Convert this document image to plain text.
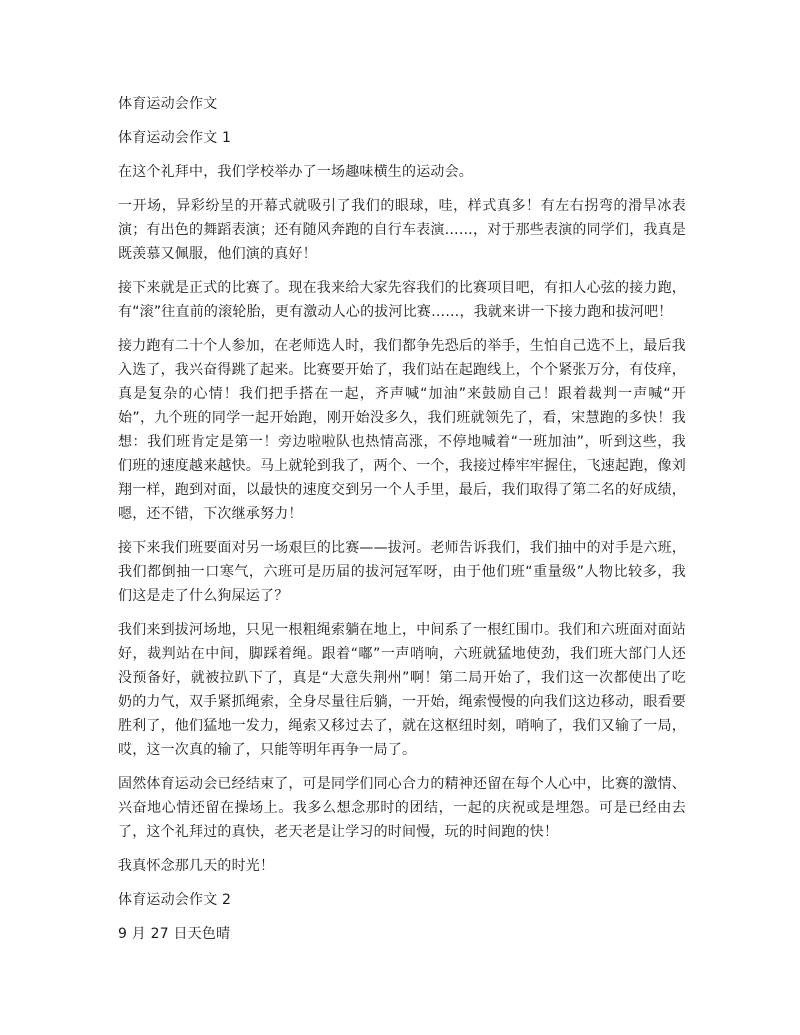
体育运动会作文

体育运动会作文 1

在这个礼拜中，我们学校举办了一场趣味横生的运动会。

一开场，异彩纷呈的开幕式就吸引了我们的眼球，哇，样式真多！有左右拐弯的滑旱冰表演；有出色的舞蹈表演；还有随风奔跑的自行车表演……，对于那些表演的同学们，我真是既羡慕又佩服，他们演的真好！

接下来就是正式的比赛了。现在我来给大家先容我们的比赛项目吧，有扣人心弦的接力跑，有“滚”往直前的滚轮胎，更有激动人心的拔河比赛……，我就来讲一下接力跑和拔河吧！

接力跑有二十个人参加，在老师选人时，我们都争先恐后的举手，生怕自己选不上，最后我入选了，我兴奋得跳了起来。比赛要开始了，我们站在起跑线上，个个紧张万分，有伎痒，真是复杂的心情！我们把手搭在一起，齐声喊“加油”来鼓励自己！跟着裁判一声喊“开始”，九个班的同学一起开始跑，刚开始没多久，我们班就领先了，看，宋慧跑的多快！我想：我们班肯定是第一！旁边啦啦队也热情高涨，不停地喊着“一班加油”，听到这些，我们班的速度越来越快。马上就轮到我了，两个、一个，我接过棒牢牢握住，飞速起跑，像刘翔一样，跑到对面，以最快的速度交到另一个人手里，最后，我们取得了第二名的好成绩，嗯，还不错，下次继承努力！

接下来我们班要面对另一场艰巨的比赛——拔河。老师告诉我们，我们抽中的对手是六班，我们都倒抽一口寒气，六班可是历届的拔河冠军呀，由于他们班“重量级”人物比较多，我们这是走了什么狗屎运了？

我们来到拔河场地，只见一根粗绳索躺在地上，中间系了一根红围巾。我们和六班面对面站好，裁判站在中间，脚踩着绳。跟着“嘟”一声哨响，六班就猛地使劲，我们班大部门人还没预备好，就被拉趴下了，真是“大意失荆州”啊！第二局开始了，我们这一次都使出了吃奶的力气，双手紧抓绳索，全身尽量往后躺，一开始，绳索慢慢的向我们这边移动，眼看要胜利了，他们猛地一发力，绳索又移过去了，就在这枢纽时刻，哨响了，我们又输了一局，哎，这一次真的输了，只能等明年再争一局了。

固然体育运动会已经结束了，可是同学们同心合力的精神还留在每个人心中，比赛的激情、兴奋地心情还留在操场上。我多么想念那时的团结，一起的庆祝或是埋怨。可是已经由去了，这个礼拜过的真快，老天老是让学习的时间慢，玩的时间跑的快！

我真怀念那几天的时光！

体育运动会作文 2

9 月 27 日天色晴
